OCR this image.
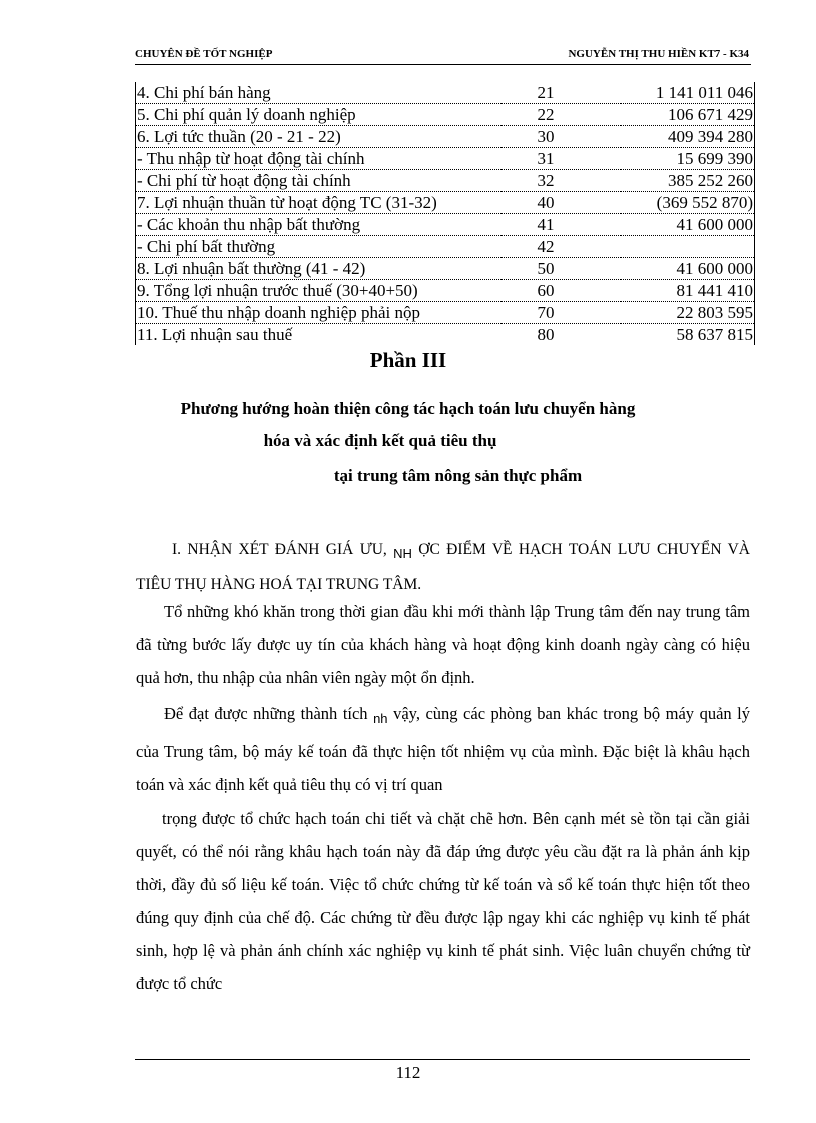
CHUYÊN ĐỀ TỐT NGHIỆP	NGUYỄN THỊ THU HIỀN KT7 - K34
4. Chi phí bán hàng	21	1 141 011 046
5. Chi phí quản lý doanh nghiệp	22	106 671 429
6. Lợi tức thuần (20 - 21 - 22)	30	409 394 280
- Thu nhập từ hoạt động tài chính	31	15 699 390
- Chi phí từ hoạt động tài chính	32	385 252 260
7. Lợi nhuận thuần từ hoạt động TC (31-32)	40	(369 552 870)
- Các khoản thu nhập bất thường	41	41 600 000
- Chi phí bất thường	42	
8. Lợi nhuận bất thường (41 - 42)	50	41 600 000
9. Tổng lợi nhuận trước thuế (30+40+50)	60	81 441 410
10. Thuế thu nhập doanh nghiệp phải nộp	70	22 803 595
11. Lợi nhuận sau thuế	80	58 637 815
Phần III
Phương hướng hoàn thiện công tác hạch toán lưu chuyển hàng
hóa và xác định kết quả tiêu thụ
tại trung tâm nông sản thực phẩm

I. NHẬN XÉT ĐÁNH GIÁ ƯU, $_{NH}$ ỢC ĐIỂM VỀ HẠCH TOÁN LƯU CHUYỂN VÀ TIÊU THỤ HÀNG HOÁ TẠI TRUNG TÂM.

Tổ những khó khăn trong thời gian đầu khi mới thành lập Trung tâm đến nay trung tâm đã từng bước lấy được uy tín của khách hàng và hoạt động kinh doanh ngày càng có hiệu quả hơn, thu nhập của nhân viên ngày một ổn định.

Để đạt được những thành tích $_{nh}$ vậy, cùng các phòng ban khác trong bộ máy quản lý của Trung tâm, bộ máy kế toán đã thực hiện tốt nhiệm vụ của mình. Đặc biệt là khâu hạch toán và xác định kết quả tiêu thụ có vị trí quan

trọng được tổ chức hạch toán chi tiết và chặt chẽ hơn. Bên cạnh mét sè tồn tại cần giải quyết, có thể nói rằng khâu hạch toán này đã đáp ứng được yêu cầu đặt ra là phản ánh kịp thời, đầy đủ số liệu kế toán. Việc tổ chức chứng từ kế toán và sổ kế toán thực hiện tốt theo đúng quy định của chế độ. Các chứng từ đều được lập ngay khi các nghiệp vụ kinh tế phát sinh, hợp lệ và phản ánh chính xác nghiệp vụ kinh tế phát sinh. Việc luân chuyển chứng từ được tổ chức

112
